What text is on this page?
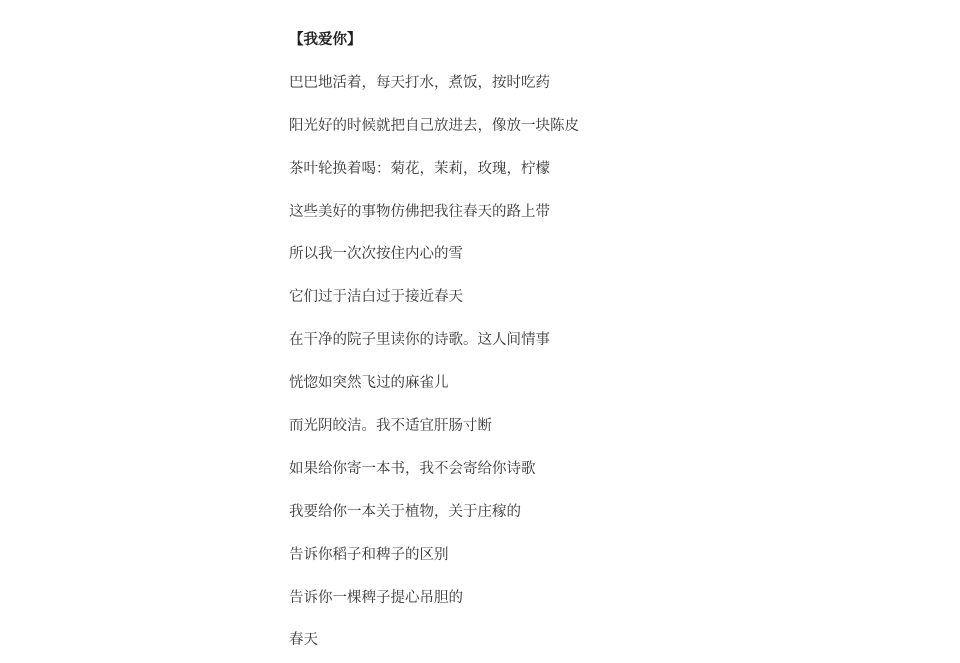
【我爱你】
巴巴地活着，每天打水，煮饭，按时吃药
阳光好的时候就把自己放进去，像放一块陈皮
茶叶轮换着喝：菊花，茉莉，玫瑰，柠檬
这些美好的事物仿佛把我往春天的路上带
所以我一次次按住内心的雪
它们过于洁白过于接近春天
在干净的院子里读你的诗歌。这人间情事
恍惚如突然飞过的麻雀儿
而光阴皎洁。我不适宜肝肠寸断
如果给你寄一本书，我不会寄给你诗歌
我要给你一本关于植物，关于庄稼的
告诉你稻子和稗子的区别
告诉你一棵稗子提心吊胆的
春天
